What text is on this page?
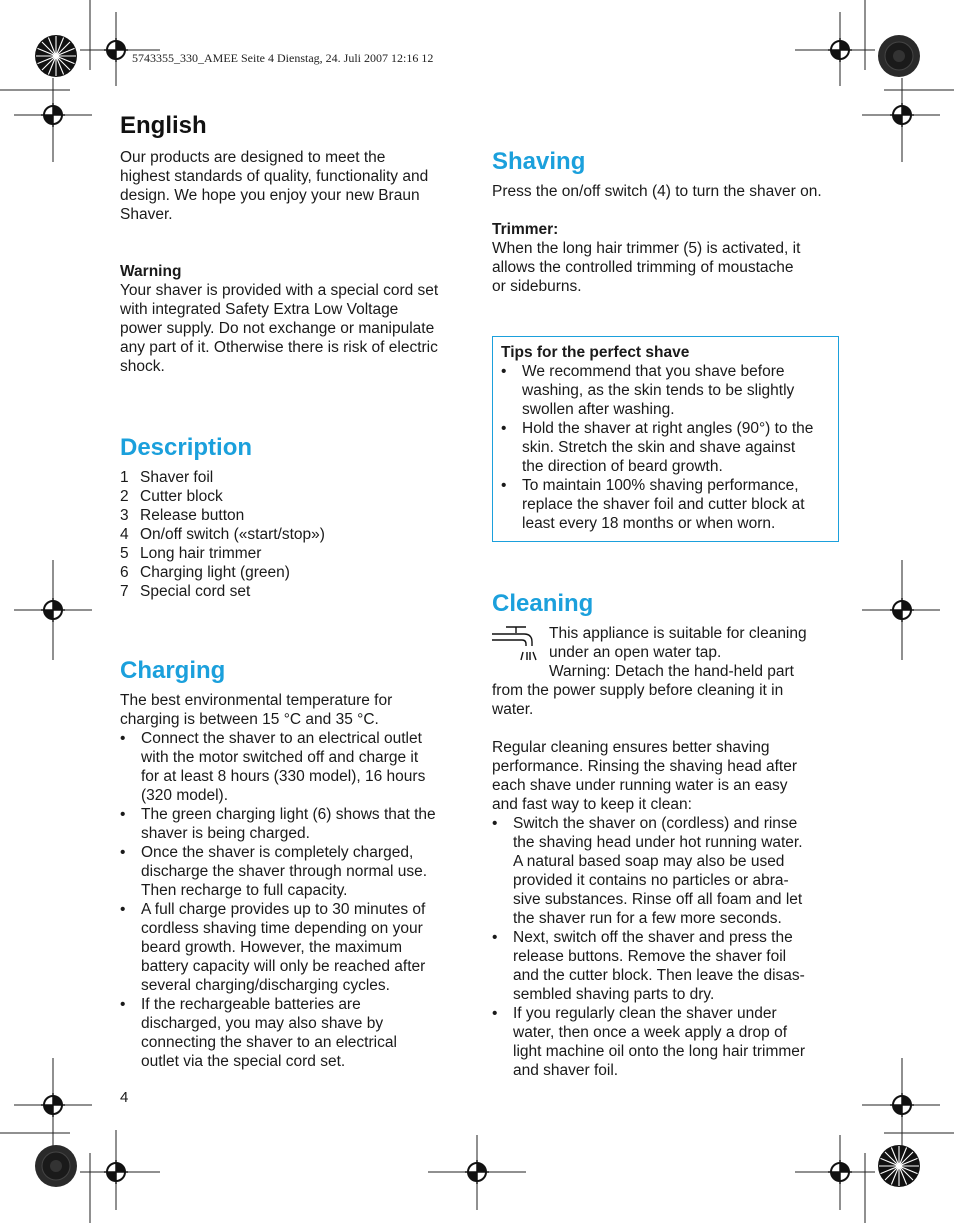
5743355_330_AMEE Seite 4 Dienstag, 24. Juli 2007 12:16 12
English

Our products are designed to meet the
highest standards of quality, functionality and
design. We hope you enjoy your new Braun
Shaver.

Warning

Your shaver is provided with a special cord set
with integrated Safety Extra Low Voltage
power supply. Do not exchange or manipulate
any part of it. Otherwise there is risk of electric
shock.

Description
1 Shaver foil
2 Cutter block
3 Release button
4 On/off switch («start/stop»)
5 Long hair trimmer
6 Charging light (green)
7 Special cord set
Charging

The best environmental temperature for
charging is between 15 °C and 35 °C.

• Connect the shaver to an electrical outlet
with the motor switched off and charge it
for at least 8 hours (330 model), 16 hours
(320 model).
• The green charging light (6) shows that the
shaver is being charged.
• Once the shaver is completely charged,
discharge the shaver through normal use.
Then recharge to full capacity.
• A full charge provides up to 30 minutes of
cordless shaving time depending on your
beard growth. However, the maximum
battery capacity will only be reached after
several charging/discharging cycles.
• If the rechargeable batteries are
discharged, you may also shave by
connecting the shaver to an electrical
outlet via the special cord set.
4
Shaving

Press the on/off switch (4) to turn the shaver on.

Trimmer:

When the long hair trimmer (5) is activated, it
allows the controlled trimming of moustache
or sideburns.

Tips for the perfect shave

• We recommend that you shave before
washing, as the skin tends to be slightly
swollen after washing.
• Hold the shaver at right angles (90°) to the
skin. Stretch the skin and shave against
the direction of beard growth.
• To maintain 100% shaving performance,
replace the shaver foil and cutter block at
least every 18 months or when worn.
Cleaning

This appliance is suitable for cleaning
under an open water tap.
Warning: Detach the hand-held part

from the power supply before cleaning it in
water.

Regular cleaning ensures better shaving
performance. Rinsing the shaving head after
each shave under running water is an easy
and fast way to keep it clean:

• Switch the shaver on (cordless) and rinse
the shaving head under hot running water.
A natural based soap may also be used
provided it contains no particles or abra-
sive substances. Rinse off all foam and let
the shaver run for a few more seconds.
• Next, switch off the shaver and press the
release buttons. Remove the shaver foil
and the cutter block. Then leave the disas-
sembled shaving parts to dry.
• If you regularly clean the shaver under
water, then once a week apply a drop of
light machine oil onto the long hair trimmer
and shaver foil.
